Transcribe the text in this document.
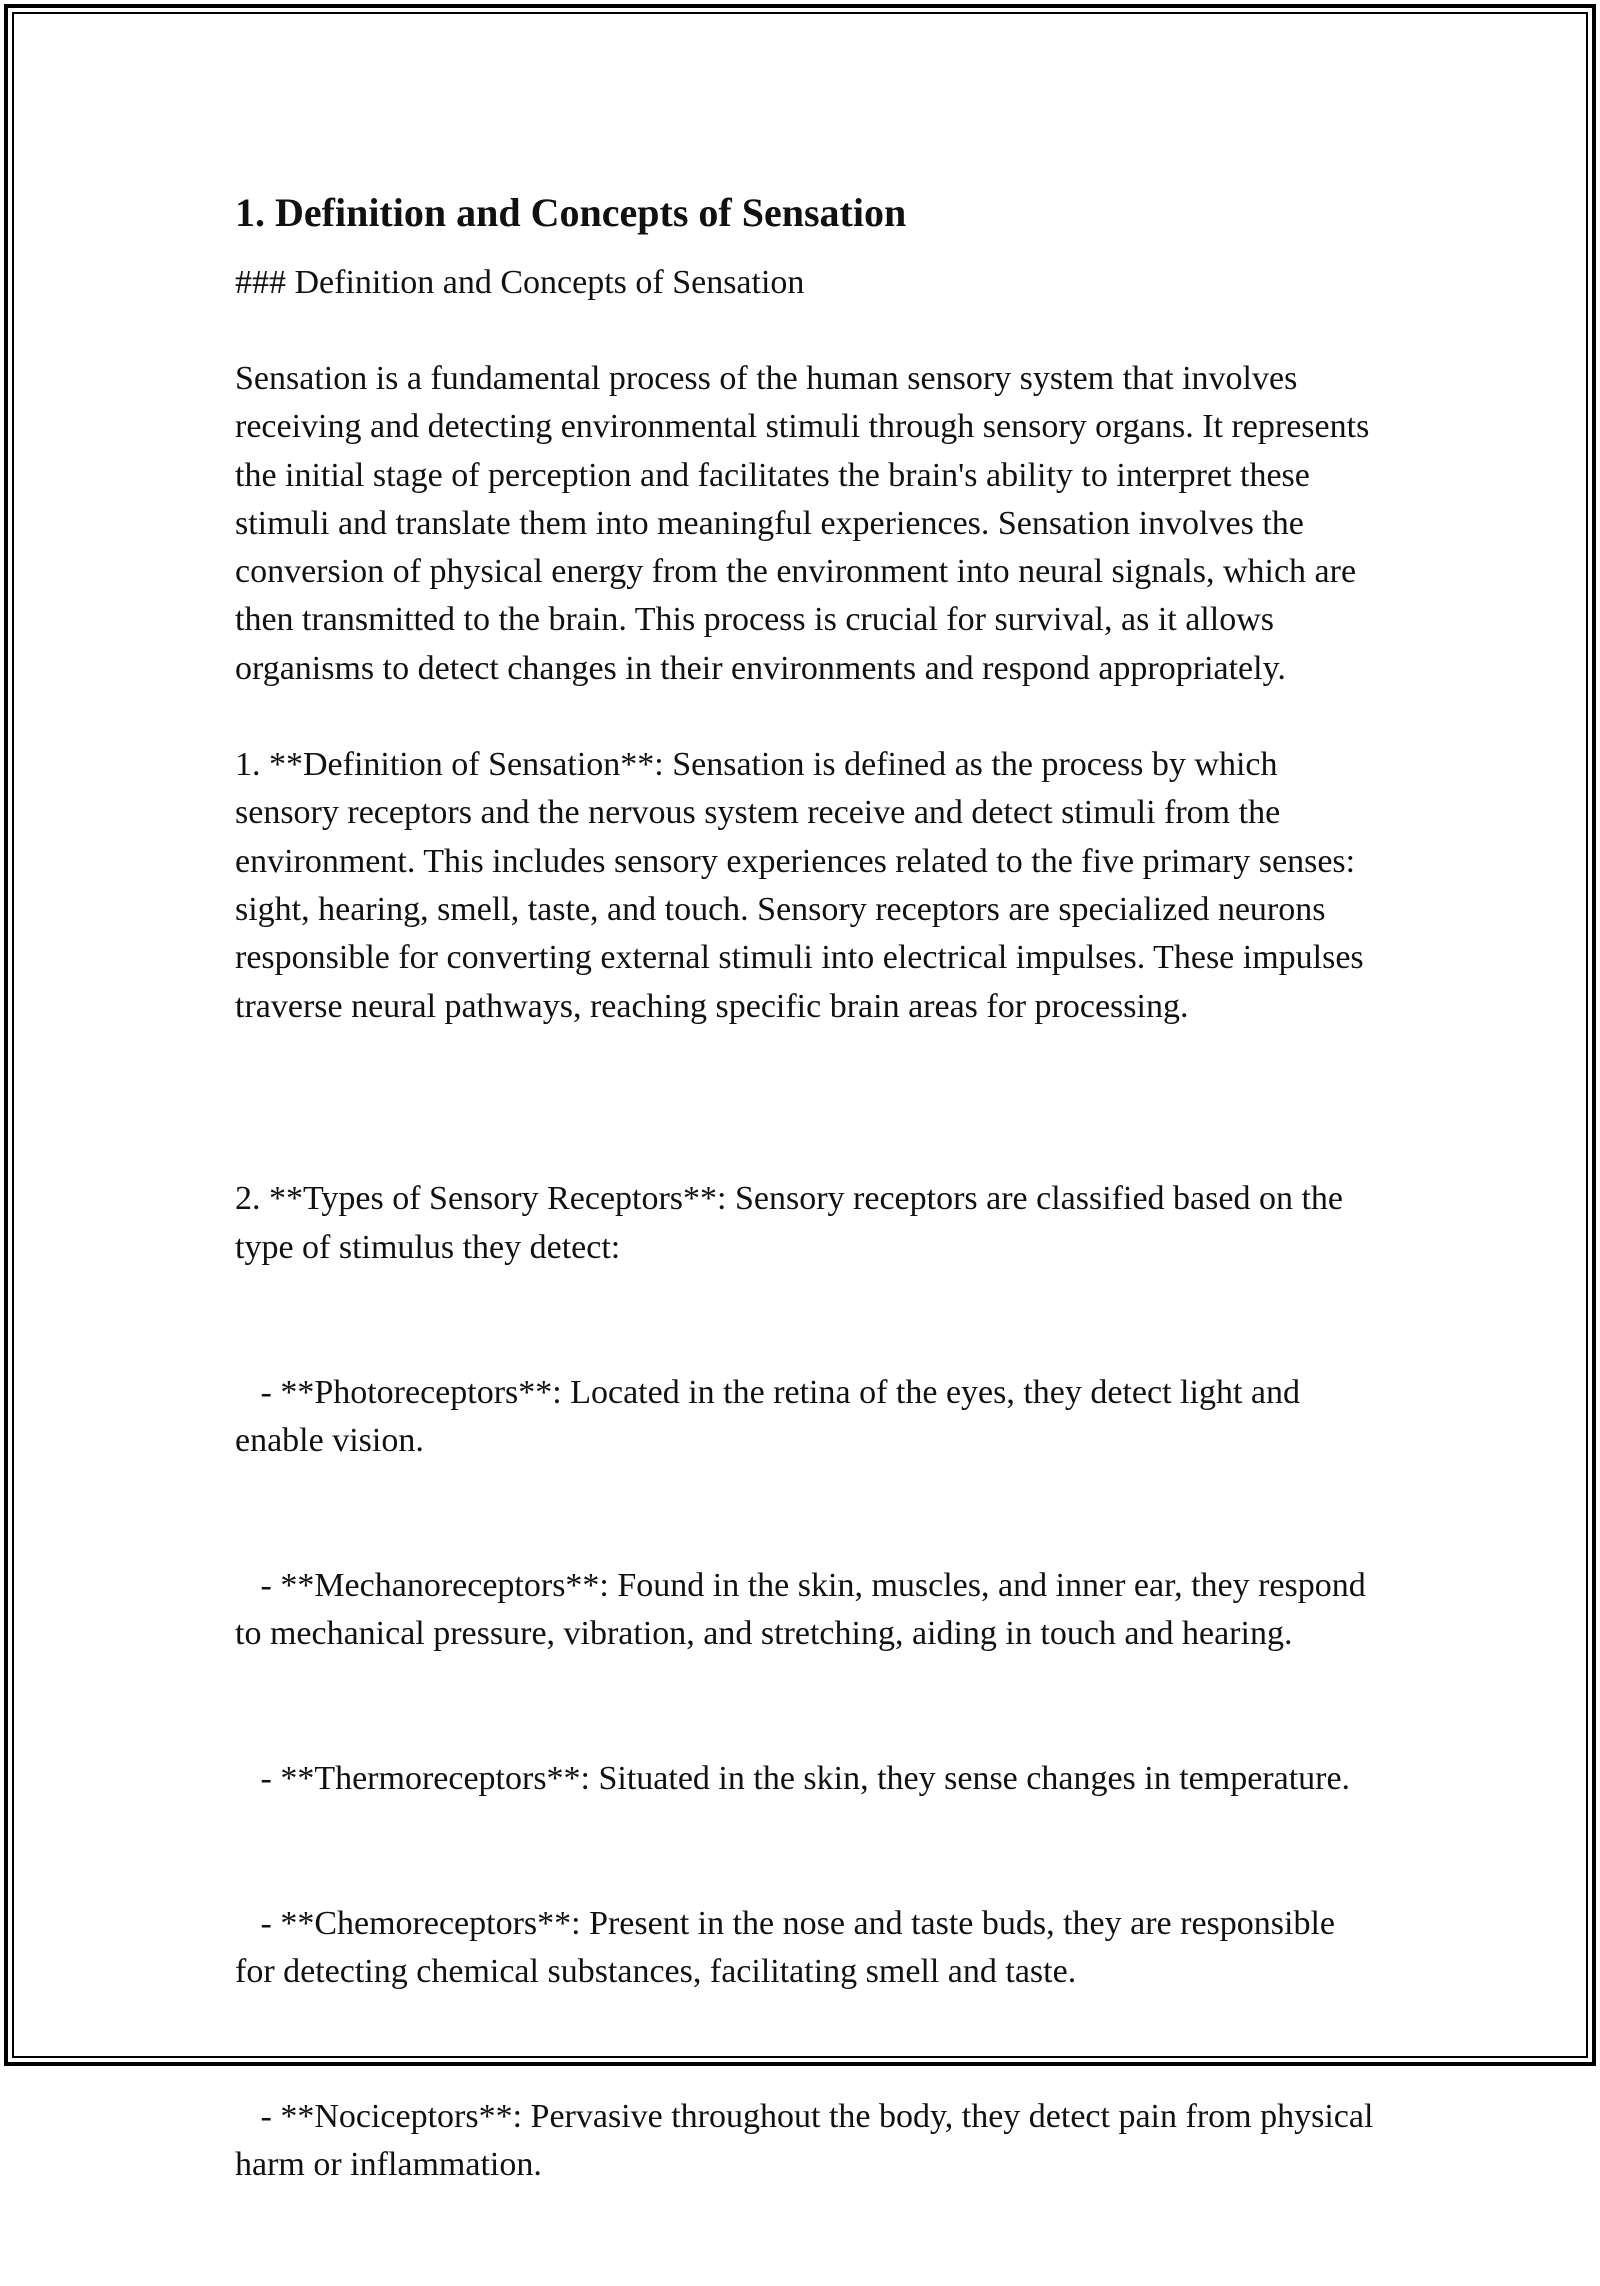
1. Definition and Concepts of Sensation

### Definition and Concepts of Sensation

Sensation is a fundamental process of the human sensory system that involves receiving and detecting environmental stimuli through sensory organs. It represents the initial stage of perception and facilitates the brain's ability to interpret these stimuli and translate them into meaningful experiences. Sensation involves the conversion of physical energy from the environment into neural signals, which are then transmitted to the brain. This process is crucial for survival, as it allows organisms to detect changes in their environments and respond appropriately.

1. **Definition of Sensation**: Sensation is defined as the process by which sensory receptors and the nervous system receive and detect stimuli from the environment. This includes sensory experiences related to the five primary senses: sight, hearing, smell, taste, and touch. Sensory receptors are specialized neurons responsible for converting external stimuli into electrical impulses. These impulses traverse neural pathways, reaching specific brain areas for processing.

2. **Types of Sensory Receptors**: Sensory receptors are classified based on the type of stimulus they detect:

- **Photoreceptors**: Located in the retina of the eyes, they detect light and enable vision.

- **Mechanoreceptors**: Found in the skin, muscles, and inner ear, they respond to mechanical pressure, vibration, and stretching, aiding in touch and hearing.

- **Thermoreceptors**: Situated in the skin, they sense changes in temperature.

- **Chemoreceptors**: Present in the nose and taste buds, they are responsible for detecting chemical substances, facilitating smell and taste.

- **Nociceptors**: Pervasive throughout the body, they detect pain from physical harm or inflammation.
